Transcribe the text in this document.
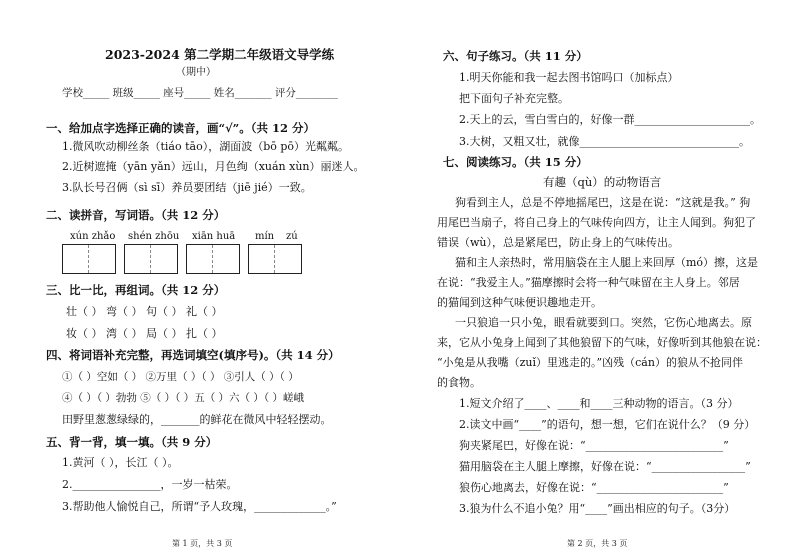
2023-2024 第二学期二年级语文导学练
（期中）
学校_____ 班级_____ 座号_____ 姓名_______ 评分________
一、给加点字选择正确的读音，画“√”。（共 12 分）
1.微风吹动柳丝条（tiáo tāo），湖面波（bō pō）光粼粼。
2.近树遮掩（yān yǎn）远山，月色绚（xuán xùn）丽迷人。
3.队长号召俩（sì sī）养员要团结（jiē jié）一致。
二、读拼音，写词语。（共 12 分）
xún zhǎo shén zhōu xiān huā mín zú
三、比一比，再组词。（共 12 分）
壮（ ） 弯（ ） 句（ ） 礼（ ）
妆（ ） 湾（ ） 局（ ） 扎（ ）
四、将词语补充完整，再选词填空(填序号)。（共 14 分）
①（ ）空如（ ） ②万里（ ）（ ） ③引人（ ）（ ）
④（ ）（ ）勃勃 ⑤（ ）（ ）五（ ）六（ ）（ ）嵯峨
田野里葱葱绿绿的，_______的鲜花在微风中轻轻摆动。
五、背一背，填一填。（共 9 分）
1.黄河（ ），长江（ ）。
2.________________，一岁一枯荣。
3.帮助他人愉悦自己，所谓“予人玫瑰，_____________。”
第 1 页，共 3 页
六、句子练习。（共 11 分）
1.明天你能和我一起去图书馆吗口（加标点）
把下面句子补充完整。
2.天上的云，雪白雪白的，好像一群_____________________。
3.大树，又粗又壮，就像_____________________________。
七、阅读练习。（共 15 分）
有趣（qù）的动物语言
狗看到主人，总是不停地摇尾巴，这是在说：“这就是我。” 狗
用尾巴当扇子，将自己身上的气味传向四方，让主人闻到。狗犯了
错误（wù），总是紧尾巴，防止身上的气味传出。
猫和主人亲热时，常用脑袋在主人腿上来回厚（mó）擦，这是
在说：“我爱主人。”猫摩擦时会将一种气味留在主人身上。邻居
的猫闻到这种气味便识趣地走开。
一只狼追一只小兔，眼看就要到口。突然，它伤心地离去。原
来，它从小兔身上闻到了其他狼留下的气味，好像听到其他狼在说：
“小兔是从我嘴（zuǐ）里逃走的。”凶残（cán）的狼从不抢同伴
的食物。
1.短文介绍了____、____和____三种动物的语言。（3 分）
2.读文中画“____”的语句，想一想，它们在说什么？（9 分）
狗夹紧尾巴，好像在说：“_________________________”
猫用脑袋在主人腿上摩擦，好像在说：“_________________”
狼伤心地离去，好像在说：“_______________________”
3.狼为什么不追小兔？用“____”画出相应的句子。（3分）
第 2 页，共 3 页
